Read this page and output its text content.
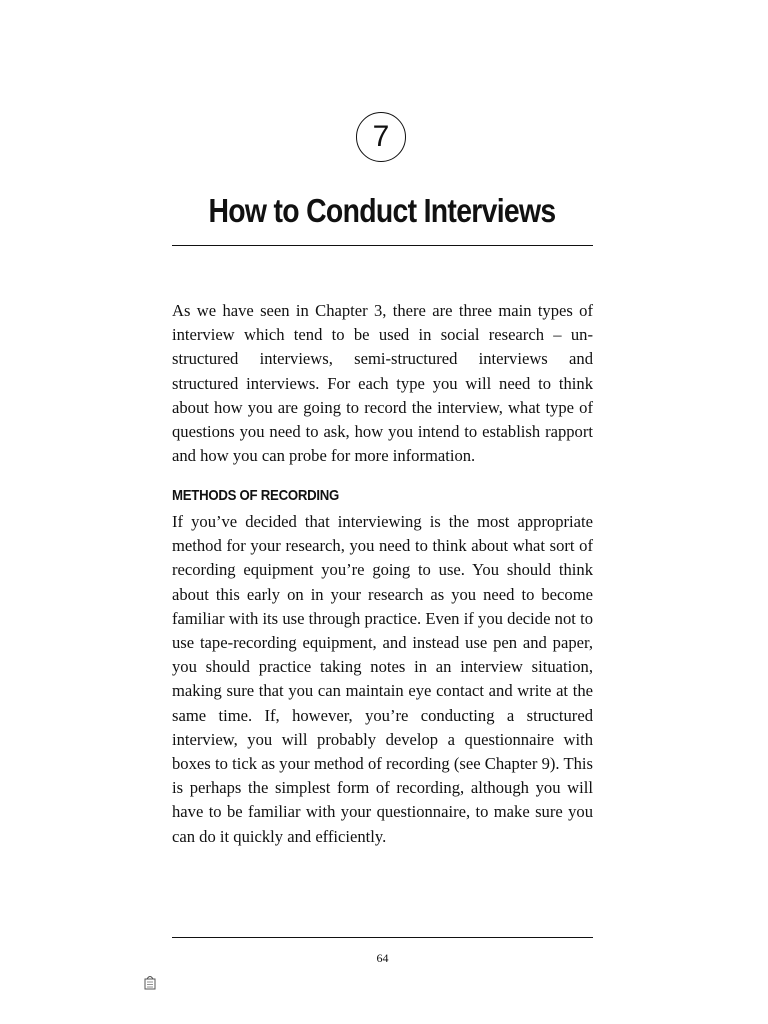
7
How to Conduct Interviews

As we have seen in Chapter 3, there are three main types of interview which tend to be used in social research – unstructured interviews, semi-structured interviews and structured interviews. For each type you will need to think about how you are going to record the interview, what type of questions you need to ask, how you intend to establish rapport and how you can probe for more information.

METHODS OF RECORDING

If you’ve decided that interviewing is the most appropriate method for your research, you need to think about what sort of recording equipment you’re going to use. You should think about this early on in your research as you need to become familiar with its use through practice. Even if you decide not to use tape-recording equipment, and instead use pen and paper, you should practice taking notes in an interview situation, making sure that you can maintain eye contact and write at the same time. If, however, you’re conducting a structured interview, you will probably develop a questionnaire with boxes to tick as your method of recording (see Chapter 9). This is perhaps the simplest form of recording, although you will have to be familiar with your questionnaire, to make sure you can do it quickly and efficiently.

64
